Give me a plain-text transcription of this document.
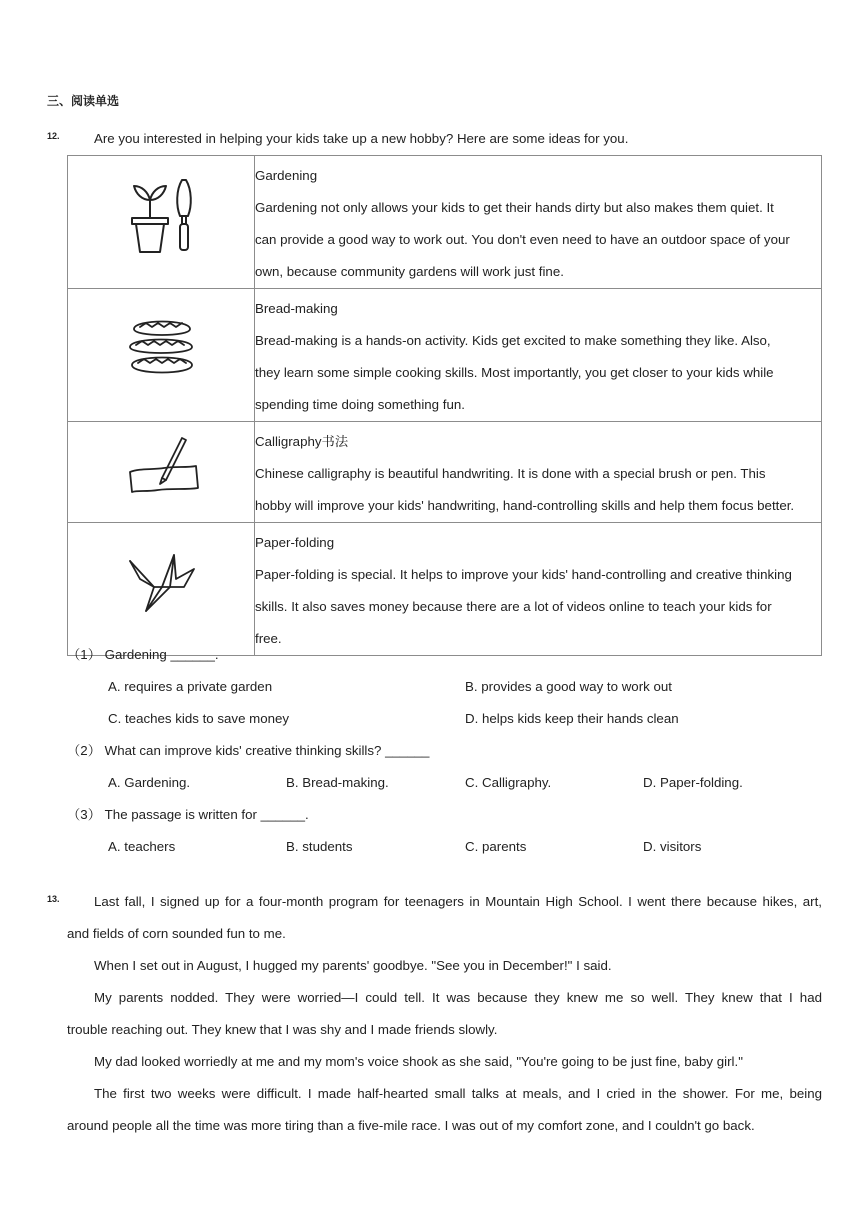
三、阅读单选
12.	Are you interested in helping your kids take up a new hobby? Here are some ideas for you.

Gardening
Gardening not only allows your kids to get their hands dirty but also makes them quiet. It
can provide a good way to work out. You don't even need to have an outdoor space of your
own, because community gardens will work just fine.

Bread-making
Bread-making is a hands-on activity. Kids get excited to make something they like. Also,
they learn some simple cooking skills. Most importantly, you get closer to your kids while
spending time doing something fun.

Calligraphy书法
Chinese calligraphy is beautiful handwriting. It is done with a special brush or pen. This
hobby will improve your kids' handwriting, hand-controlling skills and help them focus better.

Paper-folding
Paper-folding is special. It helps to improve your kids' hand-controlling and creative thinking
skills. It also saves money because there are a lot of videos online to teach your kids for
free.
（1） Gardening ______.
A. requires a private garden	B. provides a good way to work out
C. teaches kids to save money	D. helps kids keep their hands clean
（2） What can improve kids' creative thinking skills? ______
A. Gardening.	B. Bread-making.	C. Calligraphy.	D. Paper-folding.
（3） The passage is written for ______.
A. teachers	B. students	C. parents	D. visitors
13.	Last fall, I signed up for a four-month program for teenagers in Mountain High School. I went there because hikes, art,
and fields of corn sounded fun to me.
When I set out in August, I hugged my parents' goodbye. "See you in December!" I said.
My parents nodded. They were worried—I could tell. It was because they knew me so well. They knew that I had
trouble reaching out. They knew that I was shy and I made friends slowly.
My dad looked worriedly at me and my mom's voice shook as she said, "You're going to be just fine, baby girl."
The first two weeks were difficult. I made half-hearted small talks at meals, and I cried in the shower. For me, being
around people all the time was more tiring than a five-mile race. I was out of my comfort zone, and I couldn't go back.
